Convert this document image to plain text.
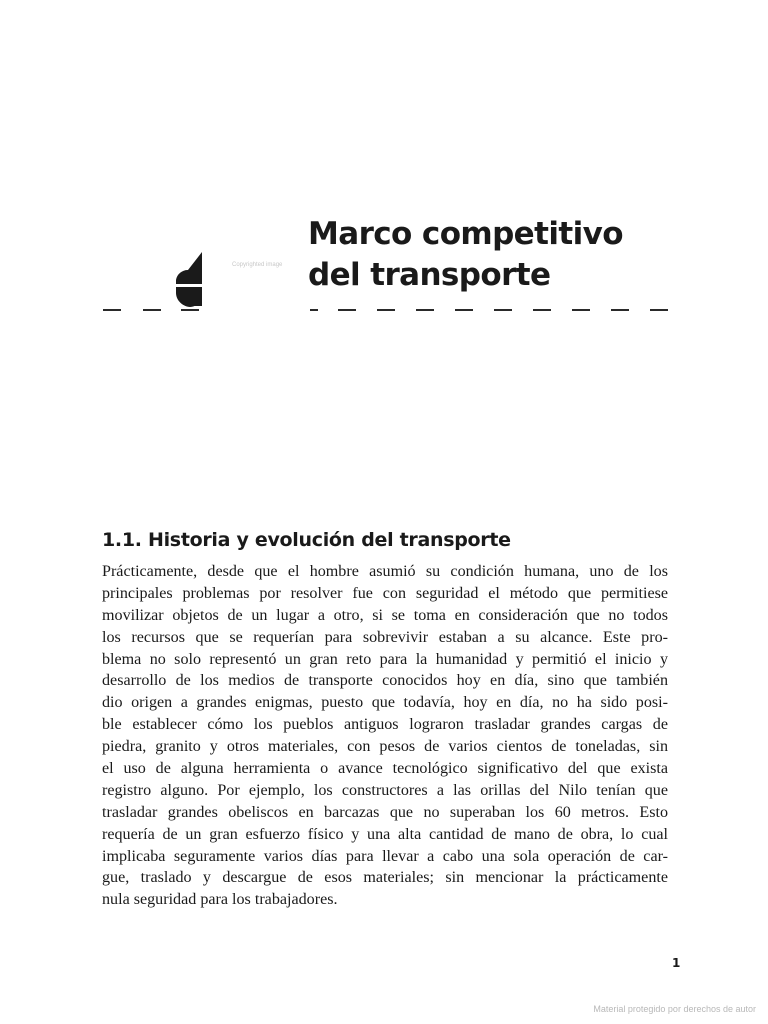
Copyrighted image
Marco competitivo
del transporte
1.1. Historia y evolución del transporte
Prácticamente, desde que el hombre asumió su condición humana, uno de los
principales problemas por resolver fue con seguridad el método que permitiese
movilizar objetos de un lugar a otro, si se toma en consideración que no todos
los recursos que se requerían para sobrevivir estaban a su alcance. Este pro-
blema no solo representó un gran reto para la humanidad y permitió el inicio y
desarrollo de los medios de transporte conocidos hoy en día, sino que también
dio origen a grandes enigmas, puesto que todavía, hoy en día, no ha sido posi-
ble establecer cómo los pueblos antiguos lograron trasladar grandes cargas de
piedra, granito y otros materiales, con pesos de varios cientos de toneladas, sin
el uso de alguna herramienta o avance tecnológico significativo del que exista
registro alguno. Por ejemplo, los constructores a las orillas del Nilo tenían que
trasladar grandes obeliscos en barcazas que no superaban los 60 metros. Esto
requería de un gran esfuerzo físico y una alta cantidad de mano de obra, lo cual
implicaba seguramente varios días para llevar a cabo una sola operación de car-
gue, traslado y descargue de esos materiales; sin mencionar la prácticamente
nula seguridad para los trabajadores.
1
Material protegido por derechos de autor
